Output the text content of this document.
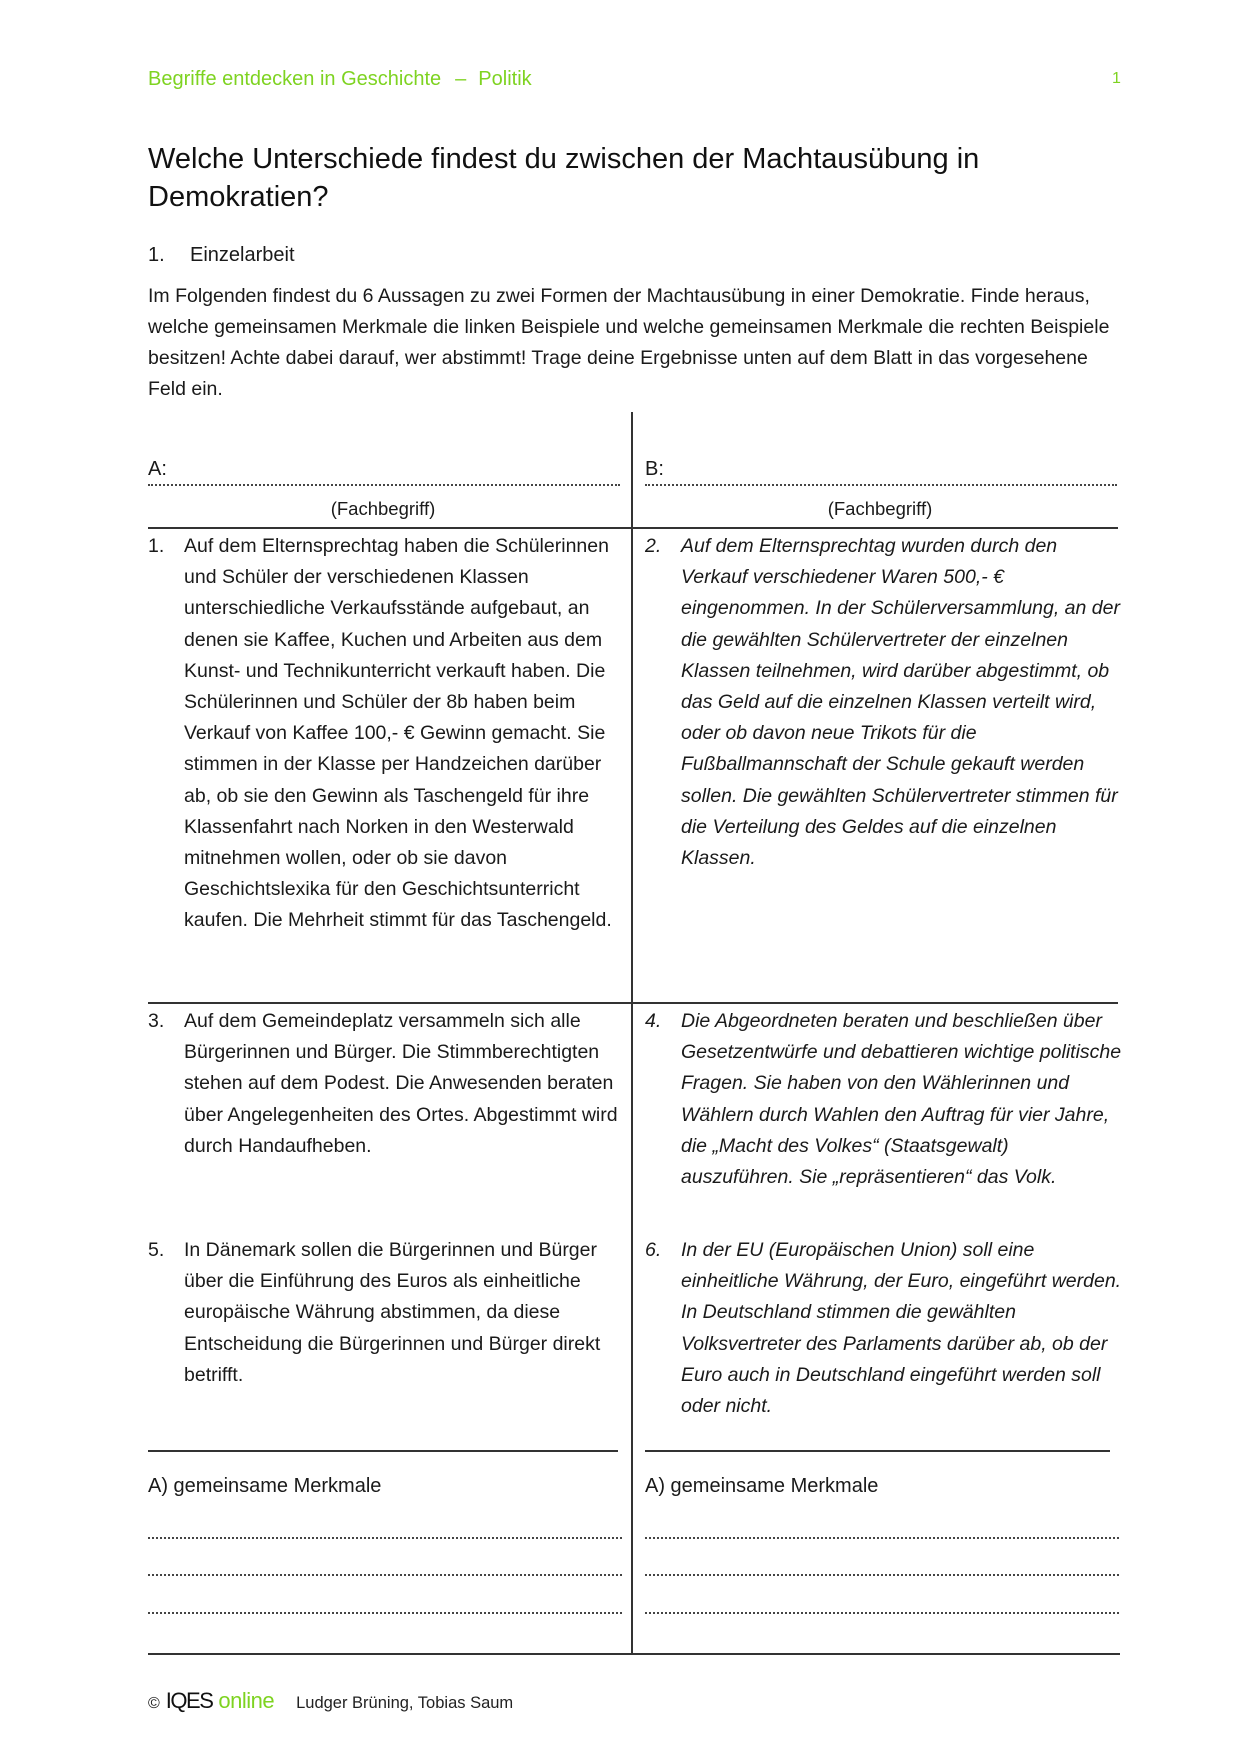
Begriffe entdecken in Geschichte – Politik	1
Welche Unterschiede findest du zwischen der Machtausübung in Demokratien?
1. Einzelarbeit
Im Folgenden findest du 6 Aussagen zu zwei Formen der Machtausübung in einer Demokratie. Finde heraus, welche gemeinsamen Merkmale die linken Beispiele und welche gemeinsamen Merkmale die rechten Beispiele besitzen! Achte dabei darauf, wer abstimmt! Trage deine Ergebnisse unten auf dem Blatt in das vorgesehene Feld ein.
A:
(Fachbegriff)
B:
(Fachbegriff)
1. Auf dem Elternsprechtag haben die Schülerinnen und Schüler der verschiedenen Klassen unterschiedliche Verkaufsstände aufgebaut, an denen sie Kaffee, Kuchen und Arbeiten aus dem Kunst- und Technikunterricht verkauft haben. Die Schülerinnen und Schüler der 8b haben beim Verkauf von Kaffee 100,- € Gewinn gemacht. Sie stimmen in der Klasse per Handzeichen darüber ab, ob sie den Gewinn als Taschengeld für ihre Klassenfahrt nach Norken in den Westerwald mitnehmen wollen, oder ob sie davon Geschichtslexika für den Geschichtsunterricht kaufen. Die Mehrheit stimmt für das Taschengeld.
2. Auf dem Elternsprechtag wurden durch den Verkauf verschiedener Waren 500,- € eingenommen. In der Schülerversammlung, an der die gewählten Schülervertreter der einzelnen Klassen teilnehmen, wird darüber abgestimmt, ob das Geld auf die einzelnen Klassen verteilt wird, oder ob davon neue Trikots für die Fußballmannschaft der Schule gekauft werden sollen. Die gewählten Schülervertreter stimmen für die Verteilung des Geldes auf die einzelnen Klassen.
3. Auf dem Gemeindeplatz versammeln sich alle Bürgerinnen und Bürger. Die Stimmberechtigten stehen auf dem Podest. Die Anwesenden beraten über Angelegenheiten des Ortes. Abgestimmt wird durch Handaufheben.
4. Die Abgeordneten beraten und beschließen über Gesetzentwürfe und debattieren wichtige politische Fragen. Sie haben von den Wählerinnen und Wählern durch Wahlen den Auftrag für vier Jahre, die „Macht des Volkes“ (Staatsgewalt) auszuführen. Sie „repräsentieren“ das Volk.
5. In Dänemark sollen die Bürgerinnen und Bürger über die Einführung des Euros als einheitliche europäische Währung abstimmen, da diese Entscheidung die Bürgerinnen und Bürger direkt betrifft.
6. In der EU (Europäischen Union) soll eine einheitliche Währung, der Euro, eingeführt werden. In Deutschland stimmen die gewählten Volksvertreter des Parlaments darüber ab, ob der Euro auch in Deutschland eingeführt werden soll oder nicht.
A) gemeinsame Merkmale	A) gemeinsame Merkmale
© IQES online Ludger Brüning, Tobias Saum
